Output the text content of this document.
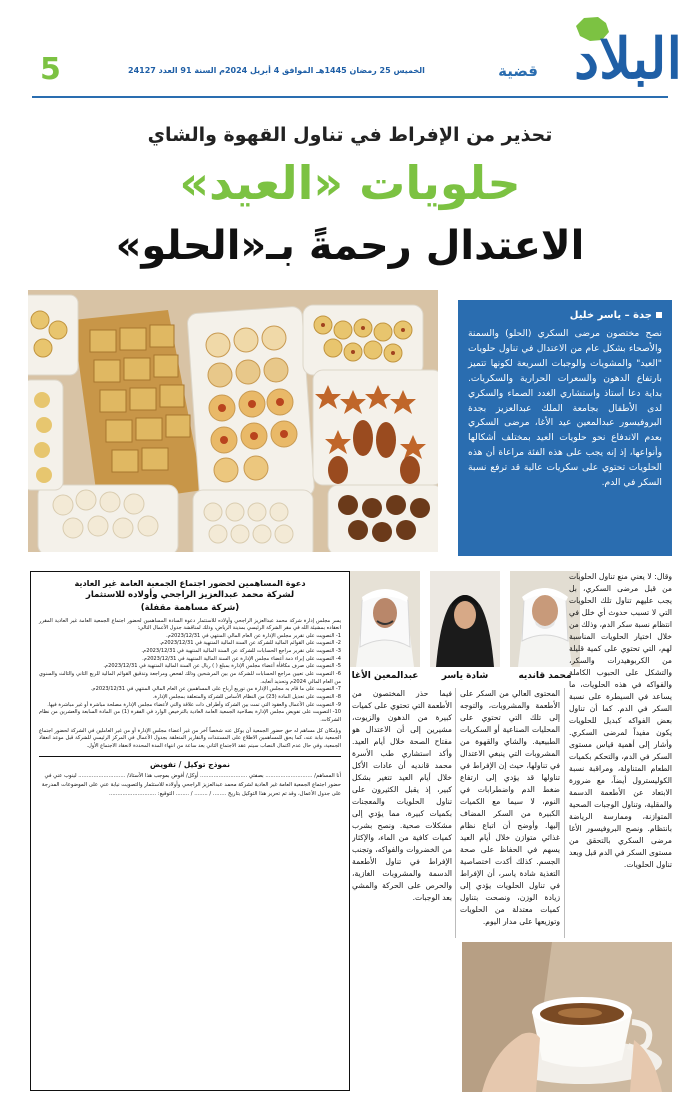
البلاد
قضية
الخميس 25 رمضان 1445هـ الموافق 4 أبريل 2024م السنة 91 العدد 24127
5
تحذير من الإفراط في تناول القهوة والشاي
حلويات «العيد»
الاعتدال رحمةً بـ«الحلو»
جدة – ياسر خليل

نصح مختصون مرضى السكري (الحلو) والسمنة والأصحاء بشكل عام من الاعتدال في تناول حلويات "العيد" والمشويات والوجبات السريعة لكونها تتميز بارتفاع الدهون والسعرات الحرارية والسكريات. بداية دعا أستاذ واستشاري الغدد الصماء والسكري لدى الأطفال بجامعة الملك عبدالعزيز بجدة البروفيسور عبدالمعين عيد الأغا، مرضى السكري بعدم الاندفاع نحو حلويات العيد بمختلف أشكالها وأنواعها، إذ إنه يجب على هذه الفئة مراعاة أن هذه الحلويات تحتوي على سكريات عالية قد ترفع نسبة السكر في الدم.

دعوة المساهمين لحضور اجتماع الجمعية العامة غير العادية

لشركة محمد عبدالعزيز الراجحي وأولاده للاستثمار
(شركة مساهمة مقفلة)
يسر مجلس إدارة شركة محمد عبدالعزيز الراجحي وأولاده للاستثمار دعوة السادة المساهمين لحضور اجتماع الجمعية العامة غير العادية المقرر انعقاده بمشيئة الله في مقر الشركة الرئيسي بمدينة الرياض، وذلك لمناقشة جدول الأعمال التالي:
1- التصويت على تقرير مجلس الإدارة عن العام المالي المنتهي في 2023/12/31م.
2- التصويت على القوائم المالية للشركة عن السنة المالية المنتهية في 2023/12/31م.
3- التصويت على تقرير مراجع الحسابات للشركة عن السنة المالية المنتهية في 2023/12/31م.
4- التصويت على إبراء ذمة أعضاء مجلس الإدارة عن السنة المالية المنتهية في 2023/12/31م.
5- التصويت على صرف مكافأة أعضاء مجلس الإدارة بمبلغ ( ) ريال عن السنة المالية المنتهية في 2023/12/31م.
6- التصويت على تعيين مراجع الحسابات للشركة من بين المرشحين وذلك لفحص ومراجعة وتدقيق القوائم المالية للربع الثاني والثالث والسنوي من العام المالي 2024م وتحديد أتعابه.
7- التصويت على ما قام به مجلس الإدارة من توزيع أرباح على المساهمين عن العام المالي المنتهي في 2023/12/31م.
8- التصويت على تعديل المادة (23) من النظام الأساس للشركة والمتعلقة بمجلس الإدارة.
9- التصويت على الأعمال والعقود التي تمت بين الشركة وأطراف ذات علاقة والتي لأعضاء مجلس الإدارة مصلحة مباشرة أو غير مباشرة فيها.
10- التصويت على تفويض مجلس الإدارة بصلاحية الجمعية العامة العادية بالترخيص الوارد في الفقرة (1) من المادة السابعة والعشرين من نظام الشركات.
وبإمكان كل مساهم له حق حضور الجمعية أن يوكل عنه شخصاً آخر من غير أعضاء مجلس الإدارة أو من غير العاملين في الشركة لحضور اجتماع الجمعية نيابة عنه، كما يحق للمساهمين الاطلاع على المستندات والتقارير المتعلقة بجدول الأعمال في المركز الرئيسي للشركة قبل موعد انعقاد الجمعية، وفي حال عدم اكتمال النصاب سيتم عقد الاجتماع الثاني بعد ساعة من انتهاء المدة المحددة لانعقاد الاجتماع الأول.
نموذج توكيل / تفويض
أنا المساهم/ ............................ بصفتي ............................ أوكل/ أفوض بموجب هذا الأستاذ/ ............................ لينوب عني في حضور اجتماع الجمعية العامة غير العادية لشركة محمد عبدالعزيز الراجحي وأولاده للاستثمار والتصويت نيابة عني على الموضوعات المدرجة على جدول الأعمال، وقد تم تحرير هذا التوكيل بتاريخ ........ / ........ / ........ التوقيع: ............................
محمد قانديه
شادة ياسر
عبدالمعين الأغا

وقال: لا يعني منع تناول الحلويات من قبل مرضى السكري، بل يجب عليهم تناول تلك الحلويات التي لا تسبب حدوث أي خلل في انتظام نسبة سكر الدم، وذلك من خلال اختيار الحلويات المناسبة لهم، التي تحتوي على كمية قليلة من الكربوهيدرات والسكر، والتشكل على الحبوب الكاملة والفواكه في هذه الحلويات، ما يساعد في السيطرة على نسبة السكر في الدم. كما أن تناول بعض الفواكه كبديل للحلويات يكون مفيداً لمرضى السكري. وأشار إلى أهمية قياس مستوى السكر في الدم، والتحكم بكميات الطعام المتناولة، ومراقبة نسبة الكوليسترول أيضاً، مع ضرورة الابتعاد عن الأطعمة الدسمة والمقلية، وتناول الوجبات الصحية المتوازنة، وممارسة الرياضة بانتظام. ونصح البروفيسور الأغا مرضى السكري بالتحقق من مستوى السكر في الدم قبل وبعد تناول الحلويات.

المحتوى العالي من السكر على الأطعمة والمشروبات، والتوجه إلى تلك التي تحتوي على المحليات الصناعية أو السكريات الطبيعية. والشاي والقهوة من المشروبات التي ينبغي الاعتدال في تناولها، حيث إن الإفراط في تناولها قد يؤدي إلى ارتفاع ضغط الدم واضطرابات في النوم، لا سيما مع الكميات الكبيرة من السكر المضاف إليها. وأوضح أن اتباع نظام غذائي متوازن خلال أيام العيد يسهم في الحفاظ على صحة الجسم. كذلك أكدت اختصاصية التغذية شادة ياسر، أن الإفراط في تناول الحلويات يؤدي إلى زيادة الوزن، ونصحت بتناول كميات معتدلة من الحلويات وتوزيعها على مدار اليوم.

فيما حذر المختصون من الأطعمة التي تحتوي على كميات كبيرة من الدهون والزيوت، مشيرين إلى أن الاعتدال هو مفتاح الصحة خلال أيام العيد. وأكد استشاري طب الأسرة محمد قانديه أن عادات الأكل خلال أيام العيد تتغير بشكل كبير، إذ يقبل الكثيرون على تناول الحلويات والمعجنات بكميات كبيرة، مما يؤدي إلى مشكلات صحية. ونصح بشرب كميات كافية من الماء، والإكثار من الخضروات والفواكه، وتجنب الإفراط في تناول الأطعمة الدسمة والمشروبات الغازية، والحرص على الحركة والمشي بعد الوجبات.
